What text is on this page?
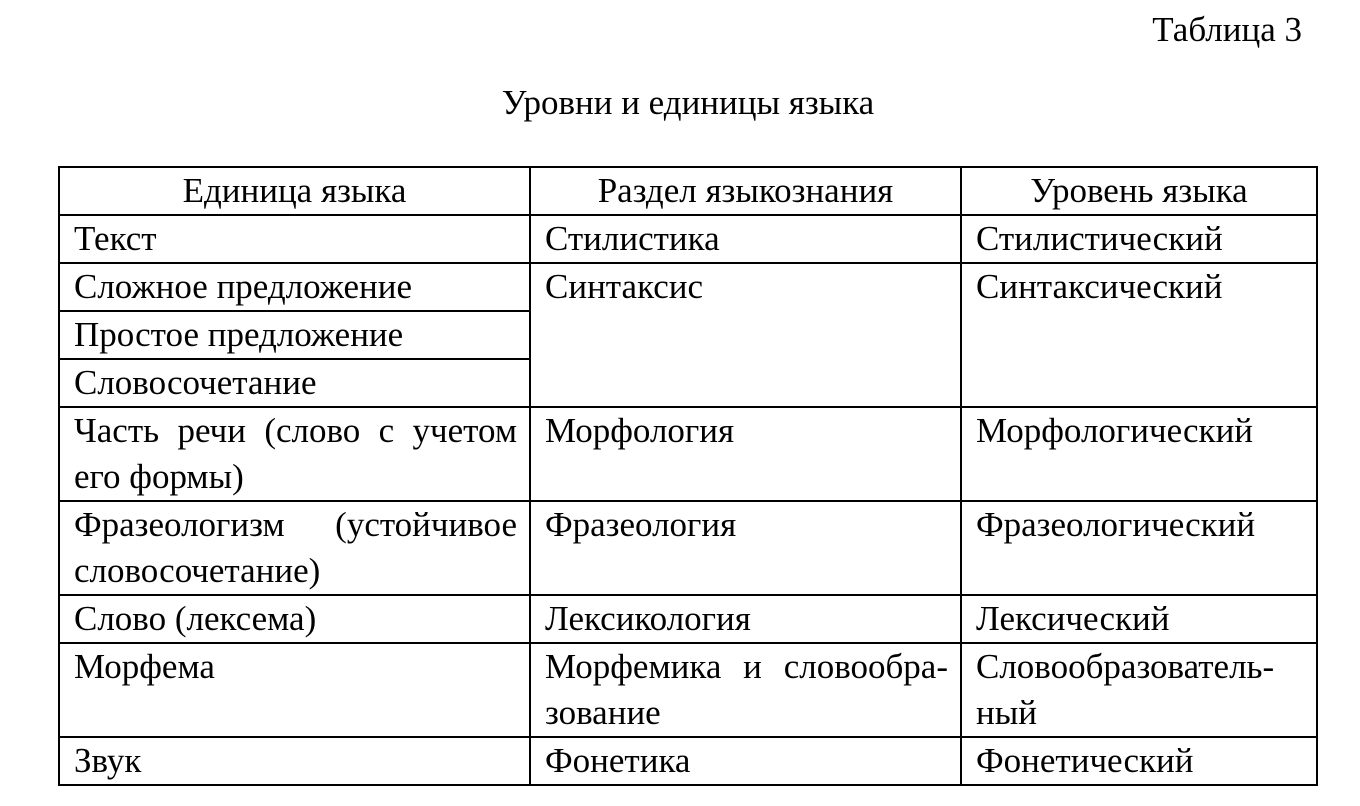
Таблица 3
Уровни и единицы языка
Единица языка	Раздел языкознания	Уровень языка
Текст	Стилистика	Стилистический
Сложное предложение	Синтаксис	Синтаксический
Простое предложение		
Словосочетание		
Часть речи (слово с учетом его формы)	Морфология	Морфологический
Фразеологизм (устойчивое словосочетание)	Фразеология	Фразеологический
Слово (лексема)	Лексикология	Лексический
Морфема	Морфемика и словообра-зование	Словообразователь-ный
Звук	Фонетика	Фонетический
